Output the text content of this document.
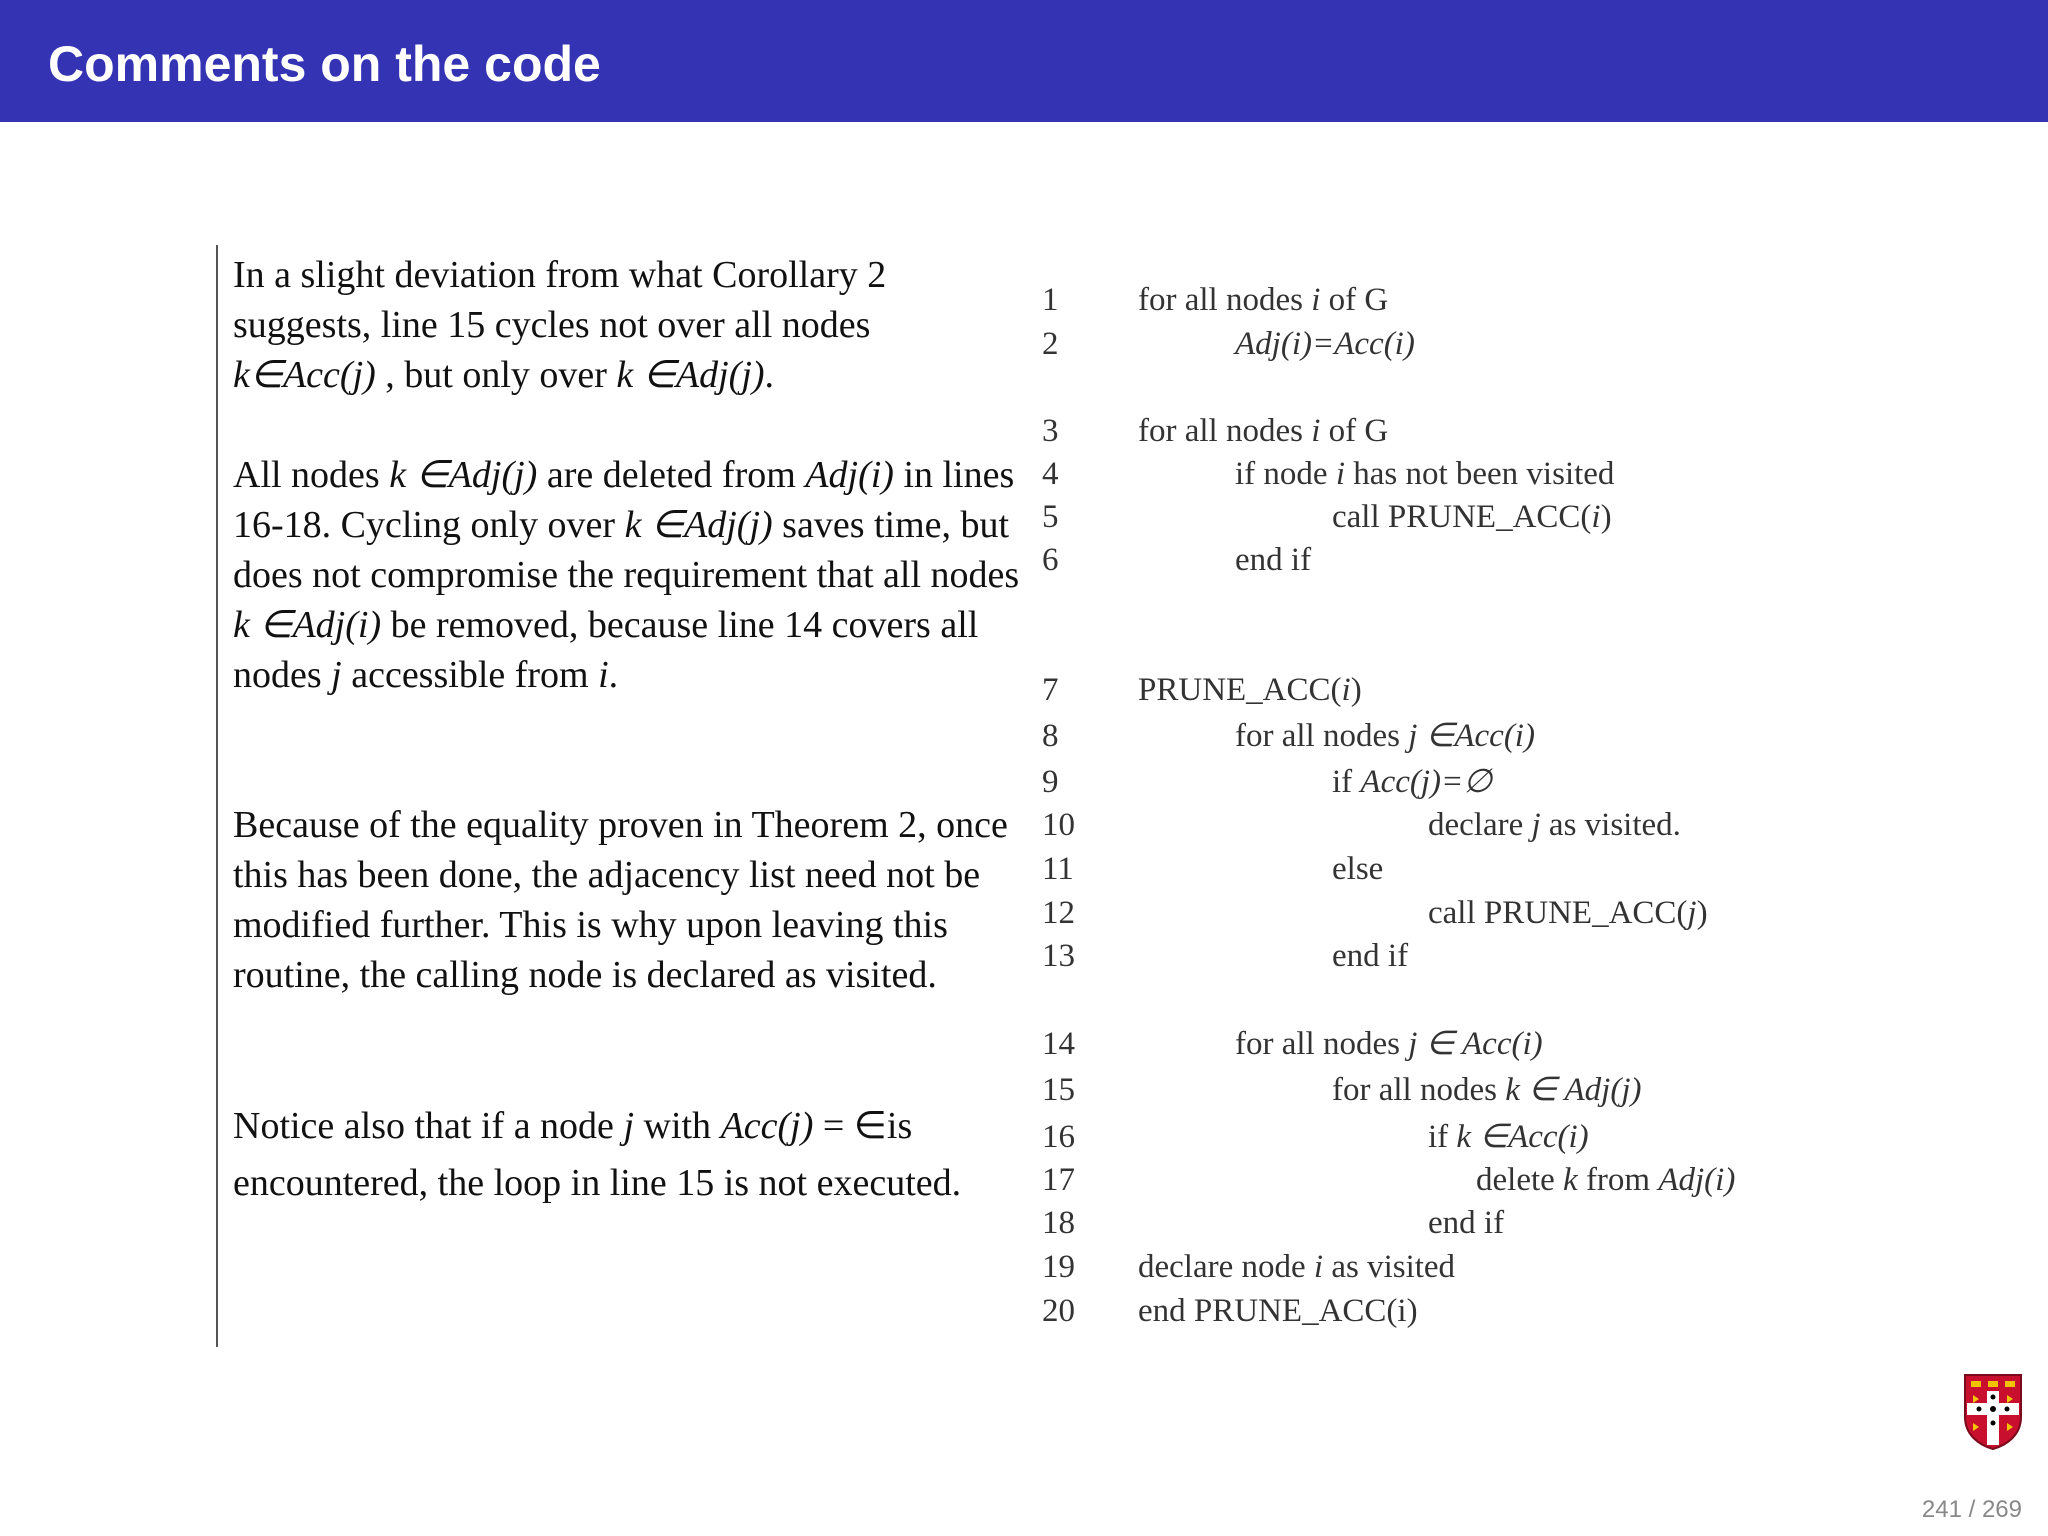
Comments on the code

In a slight deviation from what Corollary 2 suggests, line 15 cycles not over all nodes k∈Acc(j) , but only over k ∈Adj(j).

All nodes k ∈Adj(j) are deleted from Adj(i) in lines 16-18. Cycling only over k ∈Adj(j) saves time, but does not compromise the requirement that all nodes k ∈Adj(i) be removed, because line 14 covers all nodes j accessible from i.

Because of the equality proven in Theorem 2, once this has been done, the adjacency list need not be modified further. This is why upon leaving this routine, the calling node is declared as visited.

Notice also that if a node j with Acc(j) = ∈is encountered, the loop in line 15 is not executed.

1 for all nodes i of G
2	Adj(i)=Acc(i)
3 for all nodes i of G
4	if node i has not been visited
5	call PRUNE_ACC(i)
6	end if
7 PRUNE_ACC(i)
8	for all nodes j ∈Acc(i)
9	if Acc(j)=∅
10	declare j as visited.
11	else
12	call PRUNE_ACC(j)
13	end if
14	for all nodes j ∈ Acc(i)
15	for all nodes k ∈ Adj(j)
16	if k ∈Acc(i)
17	delete k from Adj(i)
18	end if
19 declare node i as visited
20 end PRUNE_ACC(i)
241 / 269
